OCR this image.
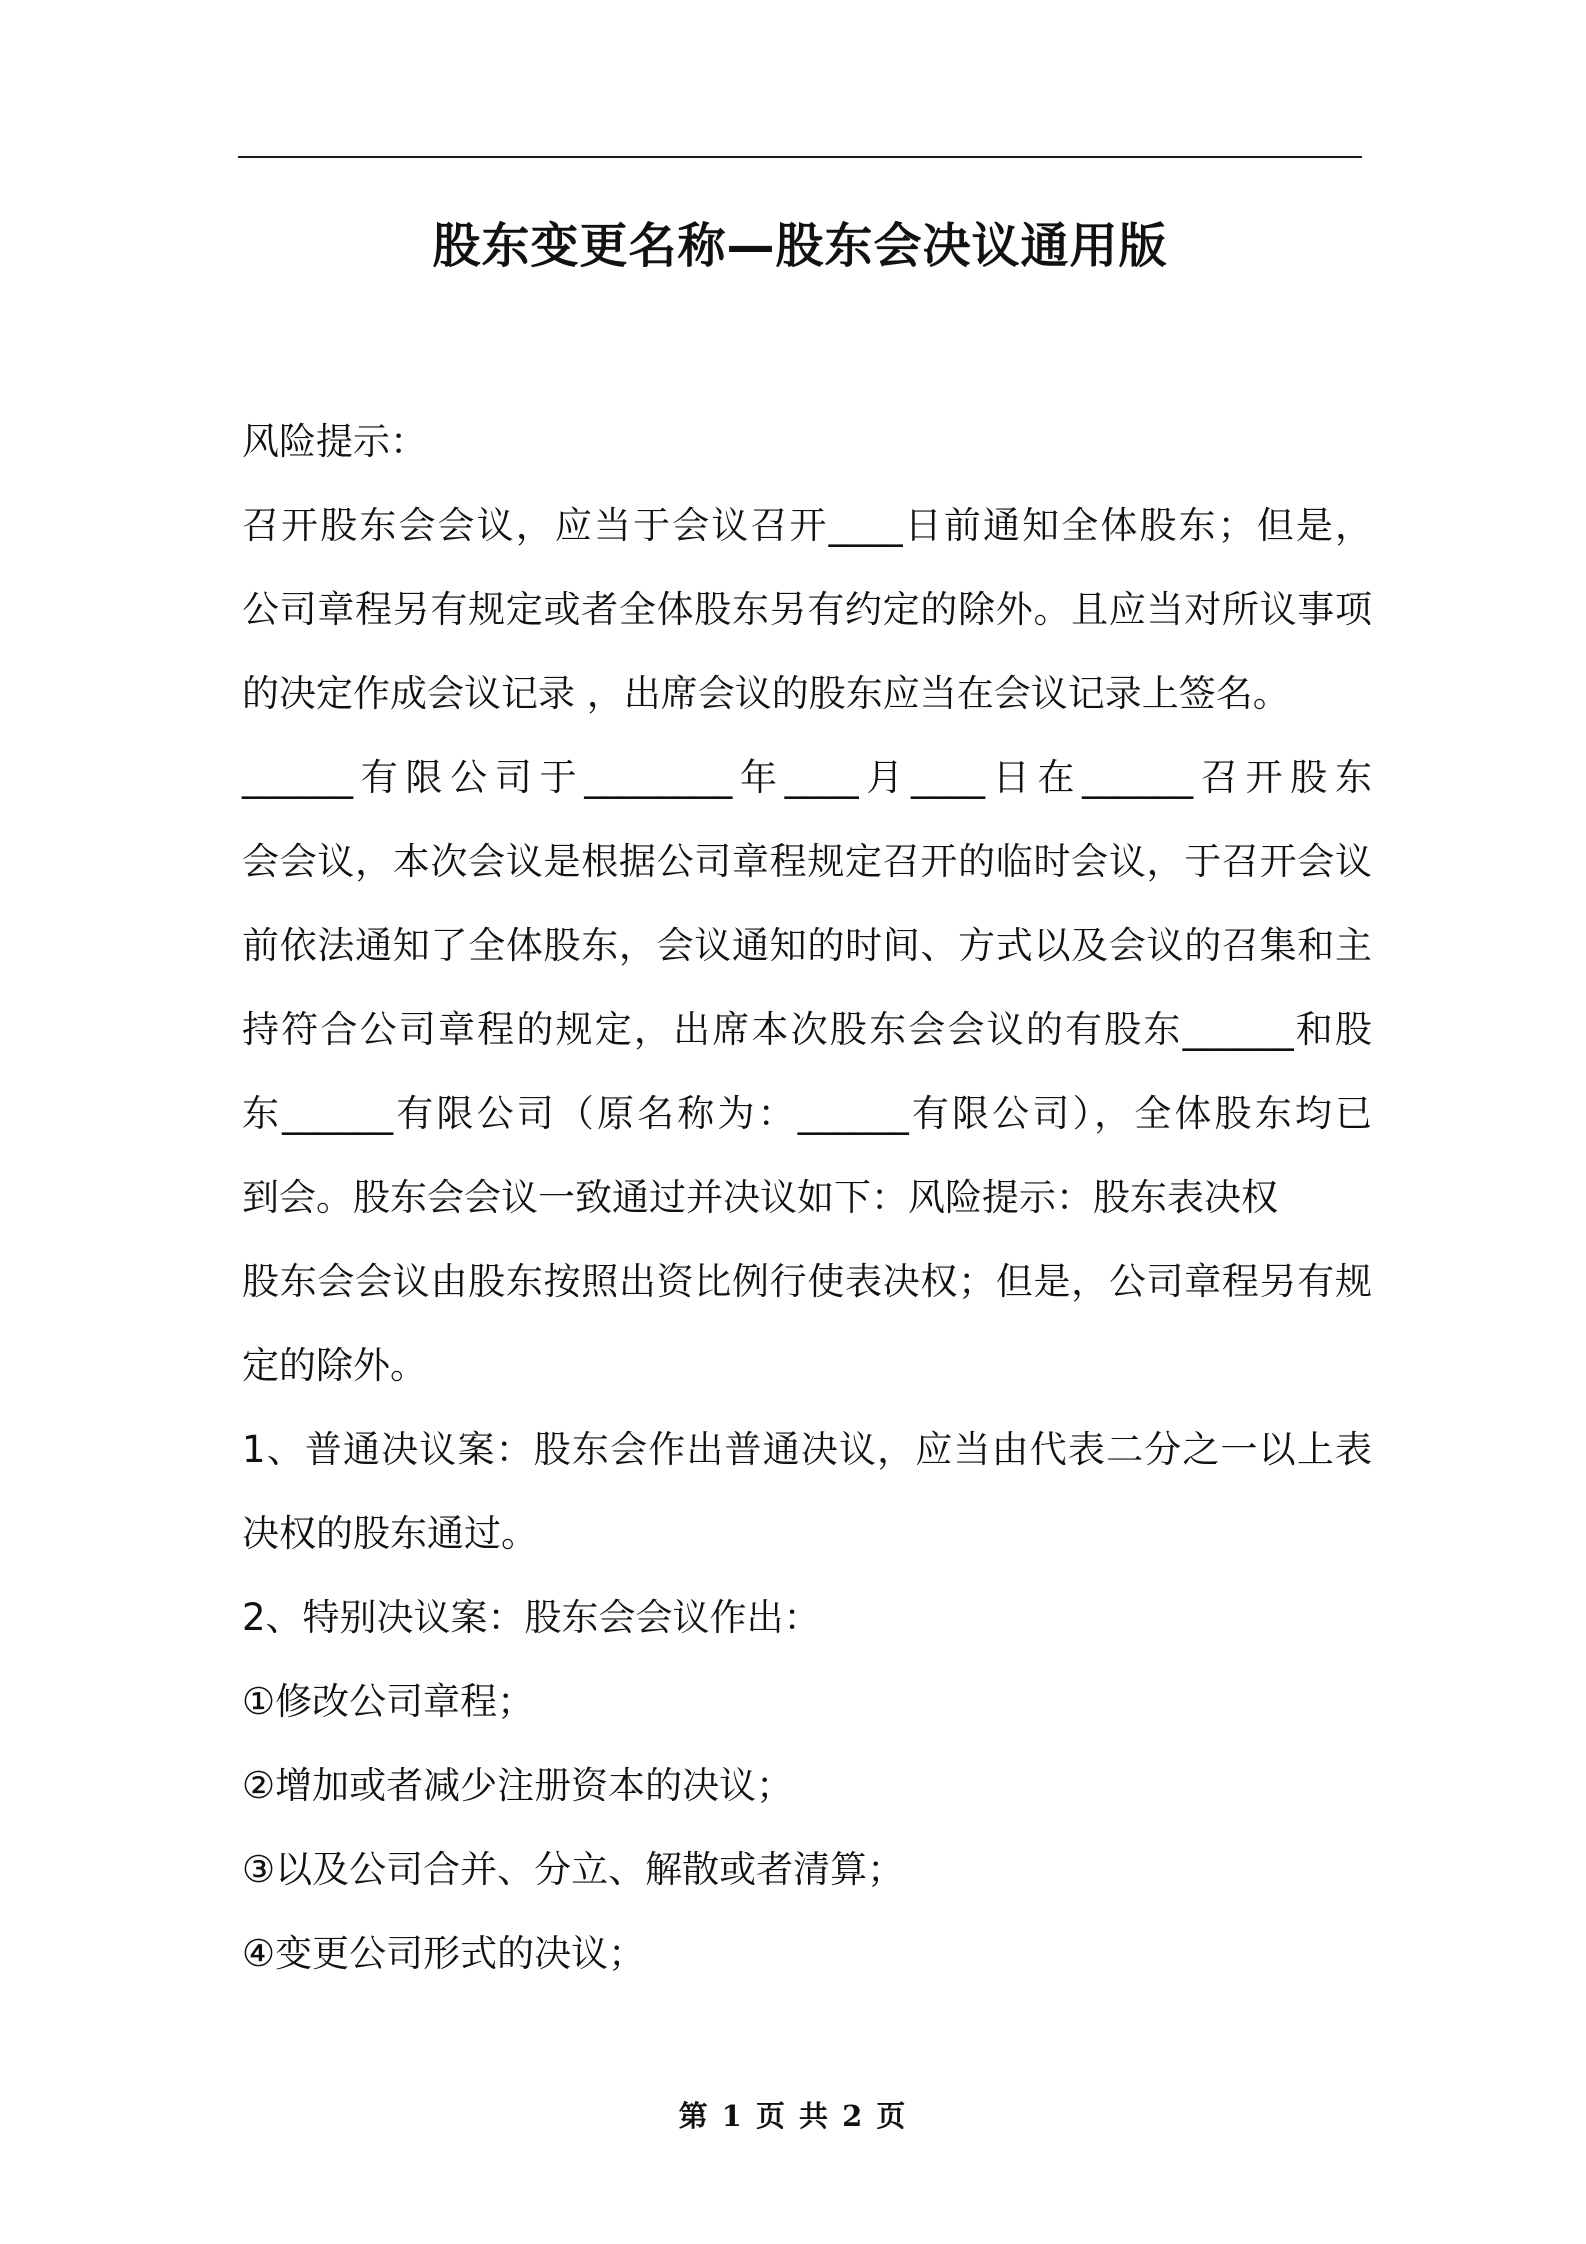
股东变更名称—股东会决议通用版
风险提示：
召开股东会会议，应当于会议召开____日前通知全体股东；但是，
公司章程另有规定或者全体股东另有约定的除外。且应当对所议事项
的决定作成会议记录 ，出席会议的股东应当在会议记录上签名。
______有限公司于________年____月____日在______召开股东
会会议，本次会议是根据公司章程规定召开的临时会议，于召开会议
前依法通知了全体股东，会议通知的时间、方式以及会议的召集和主
持符合公司章程的规定，出席本次股东会会议的有股东______和股
东______有限公司（原名称为：______有限公司），全体股东均已
到会。股东会会议一致通过并决议如下：风险提示：股东表决权
股东会会议由股东按照出资比例行使表决权；但是，公司章程另有规
定的除外。
1、普通决议案：股东会作出普通决议，应当由代表二分之一以上表
决权的股东通过。
2、特别决议案：股东会会议作出：
①修改公司章程；
②增加或者减少注册资本的决议；
③以及公司合并、分立、解散或者清算；
④变更公司形式的决议；
第 1 页 共 2 页
